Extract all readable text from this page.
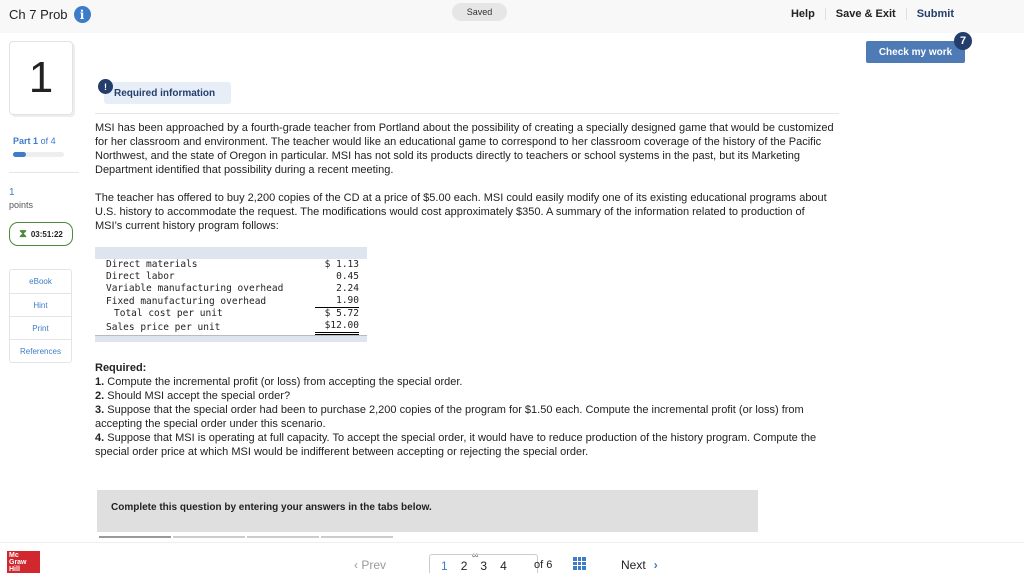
Ch 7 Prob	i	Saved	Help	Save & Exit	Submit
Check my work
7
1
Part 1 of 4
1
points
⧗ 03:51:22
eBook
Hint
Print
References
Required information
!
MSI has been approached by a fourth-grade teacher from Portland about the possibility of creating a specially designed game that would be customized for her classroom and environment. The teacher would like an educational game to correspond to her classroom coverage of the history of the Pacific Northwest, and the state of Oregon in particular. MSI has not sold its products directly to teachers or school systems in the past, but its Marketing Department identified that possibility during a recent meeting.
The teacher has offered to buy 2,200 copies of the CD at a price of $5.00 each. MSI could easily modify one of its existing educational programs about U.S. history to accommodate the request. The modifications would cost approximately $350. A summary of the information related to production of MSI’s current history program follows:

Direct materials	$ 1.13
Direct labor	0.45
Variable manufacturing overhead	2.24
Fixed manufacturing overhead	1.90
Total cost per unit	$ 5.72
Sales price per unit	$12.00

Required:
1. Compute the incremental profit (or loss) from accepting the special order.
2. Should MSI accept the special order?
3. Suppose that the special order had been to purchase 2,200 copies of the program for $1.50 each. Compute the incremental profit (or loss) from accepting the special order under this scenario.
4. Suppose that MSI is operating at full capacity. To accept the special order, it would have to reduce production of the history program. Compute the special order price at which MSI would be indifferent between accepting or rejecting the special order.
Complete this question by entering your answers in the tabs below.
Mc
Graw
Hill	‹ Prev
∞
1 2 3 4 of 6	Next ›
